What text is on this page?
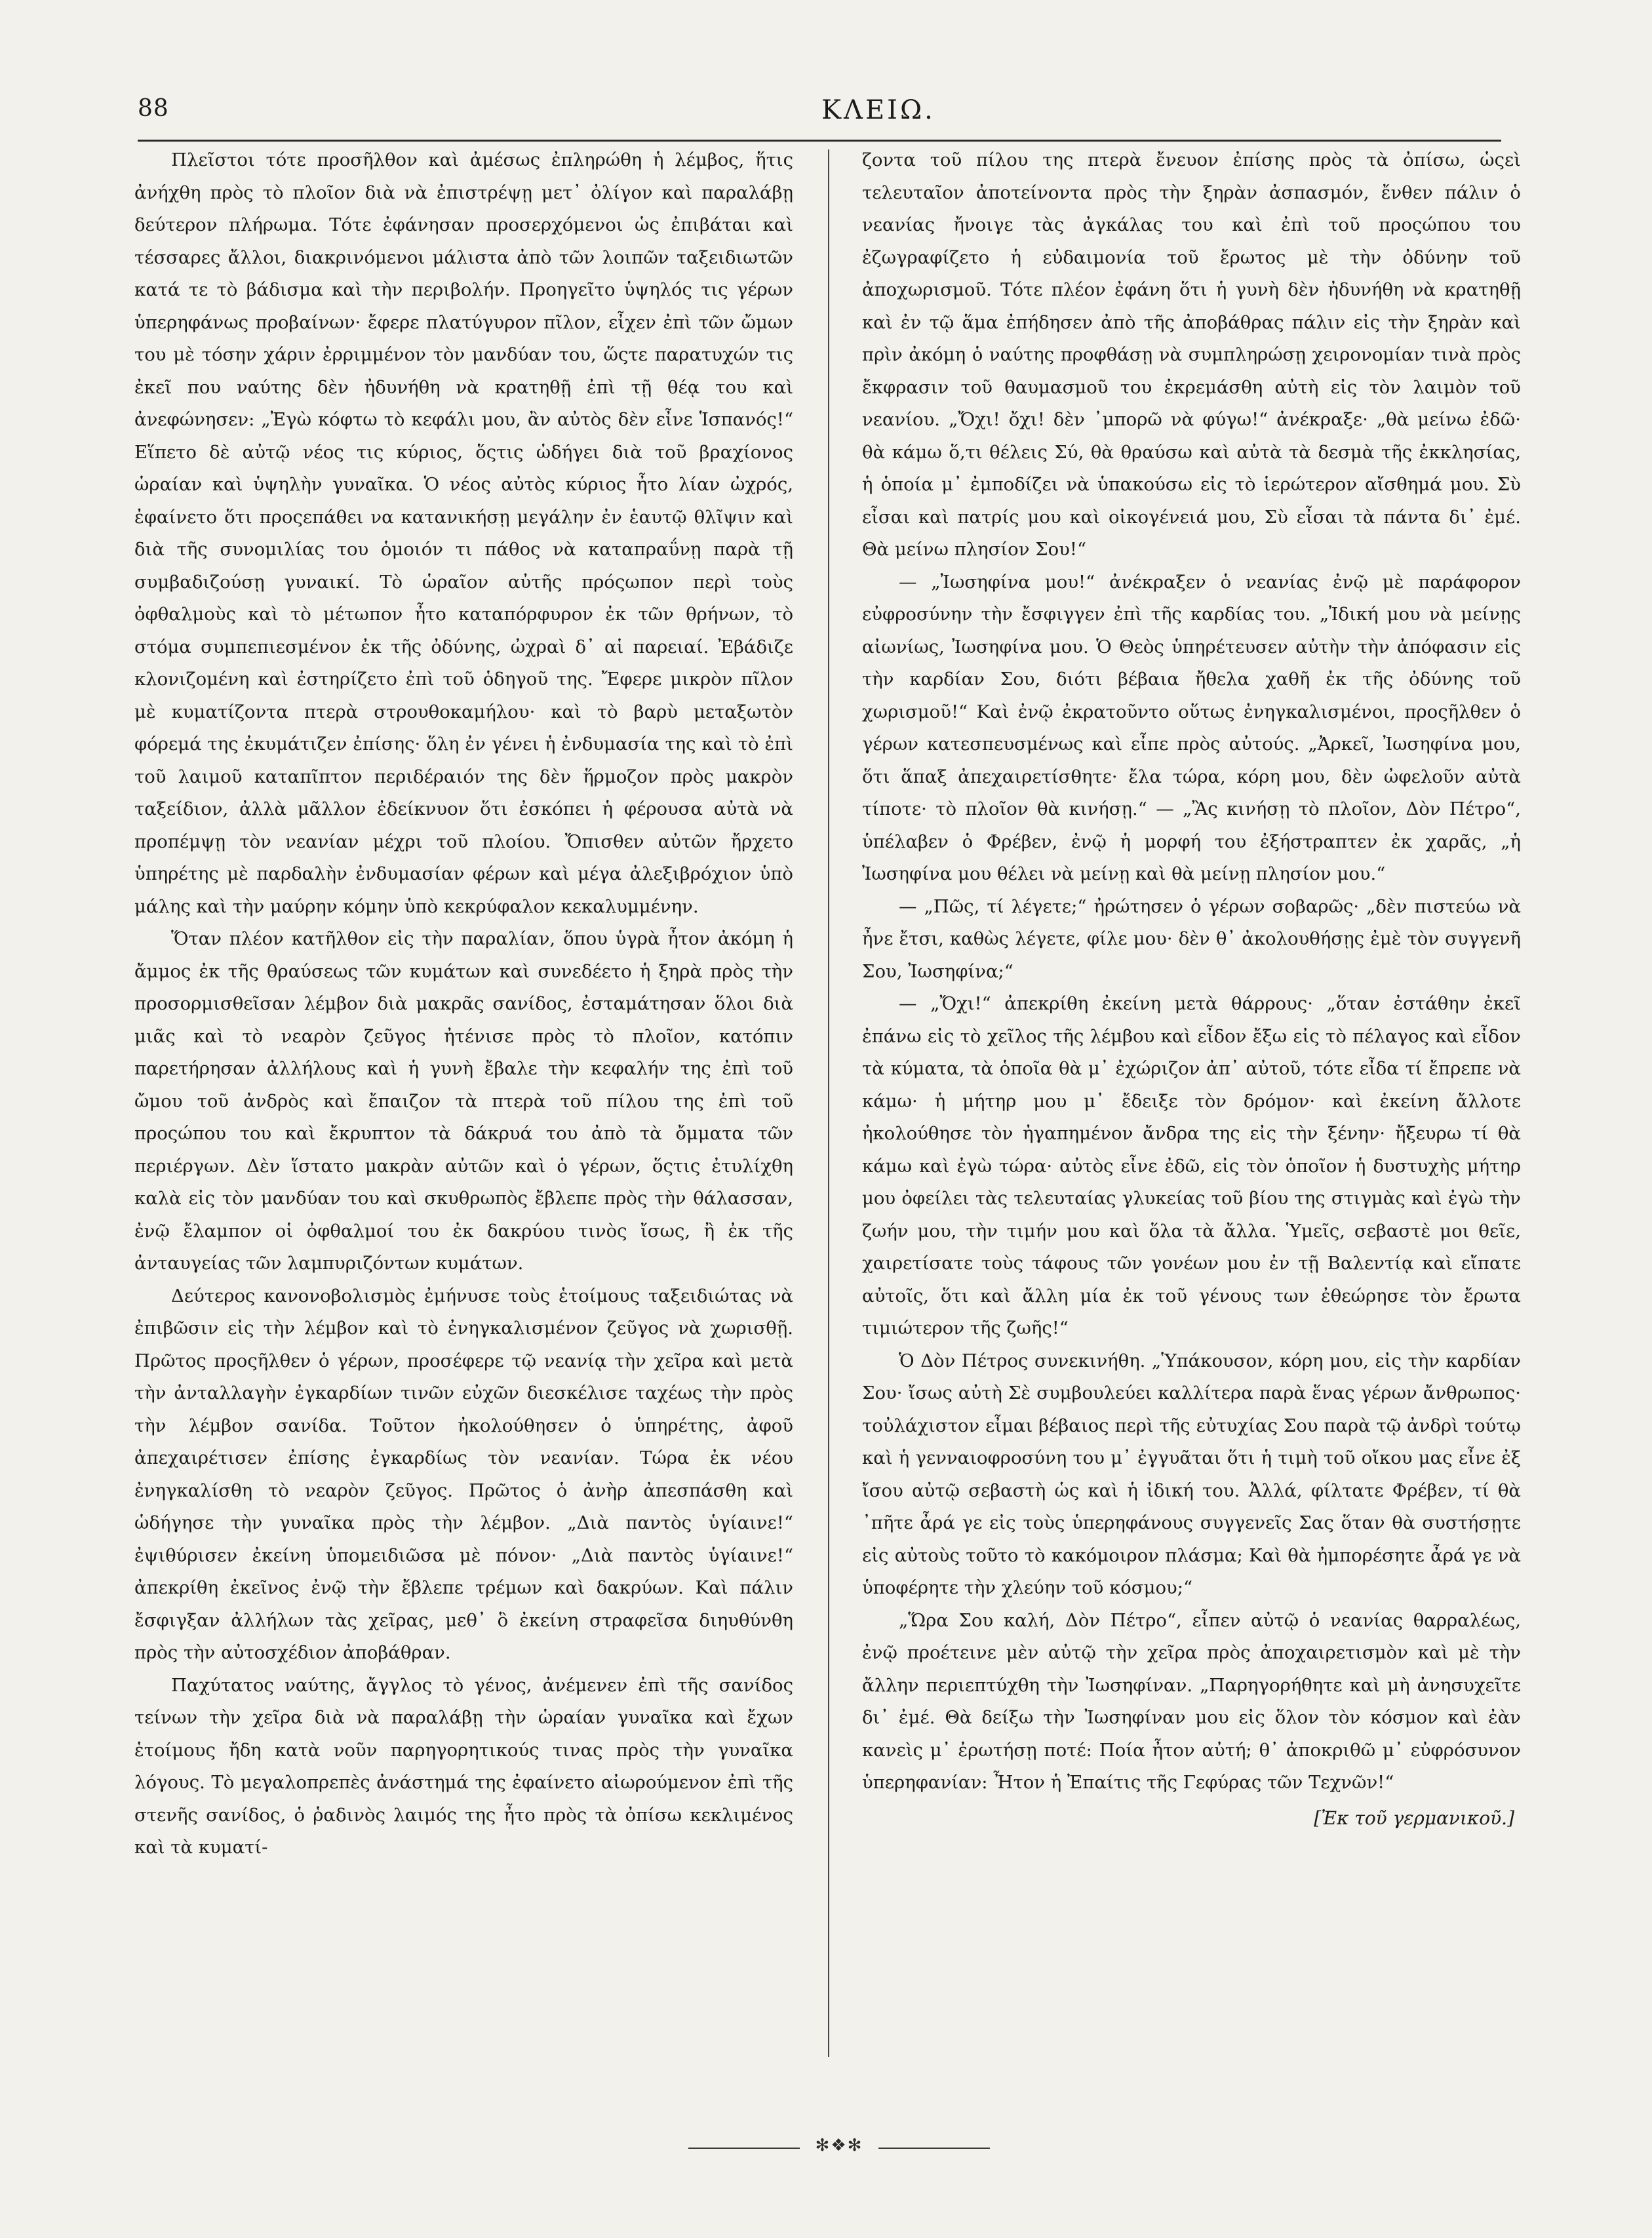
88	ΚΛΕΙΩ.

Πλεῖστοι τότε προσῆλθον καὶ ἀμέσως ἐπληρώθη ἡ λέμβος, ἥτις ἀνήχθη πρὸς τὸ πλοῖον διὰ νὰ ἐπιστρέψῃ μετ᾽ ὀλίγον καὶ παραλάβῃ δεύτερον πλήρωμα. Τότε ἐφάνησαν προσερχόμενοι ὡς ἐπιβάται καὶ τέσσαρες ἄλλοι, διακρινόμενοι μάλιστα ἀπὸ τῶν λοιπῶν ταξειδιωτῶν κατά τε τὸ βάδισμα καὶ τὴν περιβολήν. Προηγεῖτο ὑψηλός τις γέρων ὑπερηφάνως προβαίνων· ἔφερε πλατύγυρον πῖλον, εἶχεν ἐπὶ τῶν ὤμων του μὲ τόσην χάριν ἐρριμμένον τὸν μανδύαν του, ὥςτε παρατυχών τις ἐκεῖ που ναύτης δὲν ἠδυνήθη νὰ κρατηθῇ ἐπὶ τῇ θέᾳ του καὶ ἀνεφώνησεν: „Ἐγὼ κόφτω τὸ κεφάλι μου, ἂν αὐτὸς δὲν εἶνε Ἱσπανός!“ Εἵπετο δὲ αὐτῷ νέος τις κύριος, ὅςτις ὡδήγει διὰ τοῦ βραχίονος ὡραίαν καὶ ὑψηλὴν γυναῖκα. Ὁ νέος αὐτὸς κύριος ἦτο λίαν ὠχρός, ἐφαίνετο ὅτι προςεπάθει να κατανικήσῃ μεγάλην ἐν ἑαυτῷ θλῖψιν καὶ διὰ τῆς συνομιλίας του ὁμοιόν τι πάθος νὰ καταπραΰνῃ παρὰ τῇ συμβαδιζούσῃ γυναικί. Τὸ ὡραῖον αὐτῆς πρόςωπον περὶ τοὺς ὀφθαλμοὺς καὶ τὸ μέτωπον ἦτο καταπόρφυρον ἐκ τῶν θρήνων, τὸ στόμα συμπεπιεσμένον ἐκ τῆς ὀδύνης, ὠχραὶ δ᾽ αἱ παρειαί. Ἐβάδιζε κλονιζομένη καὶ ἐστηρίζετο ἐπὶ τοῦ ὁδηγοῦ της. Ἔφερε μικρὸν πῖλον μὲ κυματίζοντα πτερὰ στρουθοκαμήλου· καὶ τὸ βαρὺ μεταξωτὸν φόρεμά της ἐκυμάτιζεν ἐπίσης· ὅλη ἐν γένει ἡ ἐνδυμασία της καὶ τὸ ἐπὶ τοῦ λαιμοῦ καταπῖπτον περιδέραιόν της δὲν ἥρμοζον πρὸς μακρὸν ταξείδιον, ἀλλὰ μᾶλλον ἐδείκνυον ὅτι ἐσκόπει ἡ φέρουσα αὐτὰ νὰ προπέμψῃ τὸν νεανίαν μέχρι τοῦ πλοίου. Ὄπισθεν αὐτῶν ἤρχετο ὑπηρέτης μὲ παρδαλὴν ἐνδυμασίαν φέρων καὶ μέγα ἀλεξιβρόχιον ὑπὸ μάλης καὶ τὴν μαύρην κόμην ὑπὸ κεκρύφαλον κεκαλυμμένην.

Ὅταν πλέον κατῆλθον εἰς τὴν παραλίαν, ὅπου ὑγρὰ ἦτον ἀκόμη ἡ ἄμμος ἐκ τῆς θραύσεως τῶν κυμάτων καὶ συνεδέετο ἡ ξηρὰ πρὸς τὴν προσορμισθεῖσαν λέμβον διὰ μακρᾶς σανίδος, ἐσταμάτησαν ὅλοι διὰ μιᾶς καὶ τὸ νεαρὸν ζεῦγος ἠτένισε πρὸς τὸ πλοῖον, κατόπιν παρετήρησαν ἀλλήλους καὶ ἡ γυνὴ ἔβαλε τὴν κεφαλήν της ἐπὶ τοῦ ὤμου τοῦ ἀνδρὸς καὶ ἔπαιζον τὰ πτερὰ τοῦ πίλου της ἐπὶ τοῦ προςώπου του καὶ ἔκρυπτον τὰ δάκρυά του ἀπὸ τὰ ὄμματα τῶν περιέργων. Δὲν ἵστατο μακρὰν αὐτῶν καὶ ὁ γέρων, ὅςτις ἐτυλίχθη καλὰ εἰς τὸν μανδύαν του καὶ σκυθρωπὸς ἔβλεπε πρὸς τὴν θάλασσαν, ἐνῷ ἔλαμπον οἱ ὀφθαλμοί του ἐκ δακρύου τινὸς ἴσως, ἢ ἐκ τῆς ἀνταυγείας τῶν λαμπυριζόντων κυμάτων.

Δεύτερος κανονοβολισμὸς ἐμήνυσε τοὺς ἑτοίμους ταξειδιώτας νὰ ἐπιβῶσιν εἰς τὴν λέμβον καὶ τὸ ἐνηγκαλισμένον ζεῦγος νὰ χωρισθῇ. Πρῶτος προςῆλθεν ὁ γέρων, προσέφερε τῷ νεανίᾳ τὴν χεῖρα καὶ μετὰ τὴν ἀνταλλαγὴν ἐγκαρδίων τινῶν εὐχῶν διεσκέλισε ταχέως τὴν πρὸς τὴν λέμβον σανίδα. Τοῦτον ἠκολούθησεν ὁ ὑπηρέτης, ἀφοῦ ἀπεχαιρέτισεν ἐπίσης ἐγκαρδίως τὸν νεανίαν. Τώρα ἐκ νέου ἐνηγκαλίσθη τὸ νεαρὸν ζεῦγος. Πρῶτος ὁ ἀνὴρ ἀπεσπάσθη καὶ ὡδήγησε τὴν γυναῖκα πρὸς τὴν λέμβον. „Διὰ παντὸς ὑγίαινε!“ ἐψιθύρισεν ἐκείνη ὑπομειδιῶσα μὲ πόνον· „Διὰ παντὸς ὑγίαινε!“ ἀπεκρίθη ἐκεῖνος ἐνῷ τὴν ἔβλεπε τρέμων καὶ δακρύων. Καὶ πάλιν ἔσφιγξαν ἀλλήλων τὰς χεῖρας, μεθ᾽ ὃ ἐκείνη στραφεῖσα διηυθύνθη πρὸς τὴν αὐτοσχέδιον ἀποβάθραν.

Παχύτατος ναύτης, ἄγγλος τὸ γένος, ἀνέμενεν ἐπὶ τῆς σανίδος τείνων τὴν χεῖρα διὰ νὰ παραλάβῃ τὴν ὡραίαν γυναῖκα καὶ ἔχων ἑτοίμους ἤδη κατὰ νοῦν παρηγορητικούς τινας πρὸς τὴν γυναῖκα λόγους. Τὸ μεγαλοπρεπὲς ἀνάστημά της ἐφαίνετο αἰωρούμενον ἐπὶ τῆς στενῆς σανίδος, ὁ ῥαδινὸς λαιμός της ἦτο πρὸς τὰ ὀπίσω κεκλιμένος καὶ τὰ κυματί-

ζοντα τοῦ πίλου της πτερὰ ἔνευον ἐπίσης πρὸς τὰ ὀπίσω, ὡςεὶ τελευταῖον ἀποτείνοντα πρὸς τὴν ξηρὰν ἀσπασμόν, ἔνθεν πάλιν ὁ νεανίας ἤνοιγε τὰς ἀγκάλας του καὶ ἐπὶ τοῦ προςώπου του ἐζωγραφίζετο ἡ εὐδαιμονία τοῦ ἔρωτος μὲ τὴν ὀδύνην τοῦ ἀποχωρισμοῦ. Τότε πλέον ἐφάνη ὅτι ἡ γυνὴ δὲν ἠδυνήθη νὰ κρατηθῇ καὶ ἐν τῷ ἅμα ἐπήδησεν ἀπὸ τῆς ἀποβάθρας πάλιν εἰς τὴν ξηρὰν καὶ πρὶν ἀκόμη ὁ ναύτης προφθάσῃ νὰ συμπληρώσῃ χειρονομίαν τινὰ πρὸς ἔκφρασιν τοῦ θαυμασμοῦ του ἐκρεμάσθη αὐτὴ εἰς τὸν λαιμὸν τοῦ νεανίου. „Ὄχι! ὄχι! δὲν ᾽μπορῶ νὰ φύγω!“ ἀνέκραξε· „θὰ μείνω ἐδῶ· θὰ κάμω ὅ,τι θέλεις Σύ, θὰ θραύσω καὶ αὐτὰ τὰ δεσμὰ τῆς ἐκκλησίας, ἡ ὁποία μ᾽ ἐμποδίζει νὰ ὑπακούσω εἰς τὸ ἱερώτερον αἴσθημά μου. Σὺ εἶσαι καὶ πατρίς μου καὶ οἰκογένειά μου, Σὺ εἶσαι τὰ πάντα δι᾽ ἐμέ. Θὰ μείνω πλησίον Σου!“

— „Ἰωσηφίνα μου!“ ἀνέκραξεν ὁ νεανίας ἐνῷ μὲ παράφορον εὐφροσύνην τὴν ἔσφιγγεν ἐπὶ τῆς καρδίας του. „Ἰδική μου νὰ μείνῃς αἰωνίως, Ἰωσηφίνα μου. Ὁ Θεὸς ὑπηρέτευσεν αὐτὴν τὴν ἀπόφασιν εἰς τὴν καρδίαν Σου, διότι βέβαια ἤθελα χαθῆ ἐκ τῆς ὀδύνης τοῦ χωρισμοῦ!“ Καὶ ἐνῷ ἐκρατοῦντο οὕτως ἐνηγκαλισμένοι, προςῆλθεν ὁ γέρων κατεσπευσμένως καὶ εἶπε πρὸς αὐτούς. „Ἀρκεῖ, Ἰωσηφίνα μου, ὅτι ἅπαξ ἀπεχαιρετίσθητε· ἔλα τώρα, κόρη μου, δὲν ὠφελοῦν αὐτὰ τίποτε· τὸ πλοῖον θὰ κινήσῃ.“ — „Ἂς κινήσῃ τὸ πλοῖον, Δὸν Πέτρο“, ὑπέλαβεν ὁ Φρέβεν, ἐνῷ ἡ μορφή του ἐξήστραπτεν ἐκ χαρᾶς, „ἡ Ἰωσηφίνα μου θέλει νὰ μείνῃ καὶ θὰ μείνῃ πλησίον μου.“

— „Πῶς, τί λέγετε;“ ἠρώτησεν ὁ γέρων σοβαρῶς· „δὲν πιστεύω νὰ ἦνε ἔτσι, καθὼς λέγετε, φίλε μου· δὲν θ᾽ ἀκολουθήσῃς ἐμὲ τὸν συγγενῆ Σου, Ἰωσηφίνα;“

— „Ὄχι!“ ἀπεκρίθη ἐκείνη μετὰ θάρρους· „ὅταν ἐστάθην ἐκεῖ ἐπάνω εἰς τὸ χεῖλος τῆς λέμβου καὶ εἶδον ἔξω εἰς τὸ πέλαγος καὶ εἶδον τὰ κύματα, τὰ ὁποῖα θὰ μ᾽ ἐχώριζον ἀπ᾽ αὐτοῦ, τότε εἶδα τί ἔπρεπε νὰ κάμω· ἡ μήτηρ μου μ᾽ ἔδειξε τὸν δρόμον· καὶ ἐκείνη ἄλλοτε ἠκολούθησε τὸν ἠγαπημένον ἄνδρα της εἰς τὴν ξένην· ἤξευρω τί θὰ κάμω καὶ ἐγὼ τώρα· αὐτὸς εἶνε ἐδῶ, εἰς τὸν ὁποῖον ἡ δυστυχὴς μήτηρ μου ὀφείλει τὰς τελευταίας γλυκείας τοῦ βίου της στιγμὰς καὶ ἐγὼ τὴν ζωήν μου, τὴν τιμήν μου καὶ ὅλα τὰ ἄλλα. Ὑμεῖς, σεβαστὲ μοι θεῖε, χαιρετίσατε τοὺς τάφους τῶν γονέων μου ἐν τῇ Βαλεντίᾳ καὶ εἴπατε αὐτοῖς, ὅτι καὶ ἄλλη μία ἐκ τοῦ γένους των ἐθεώρησε τὸν ἔρωτα τιμιώτερον τῆς ζωῆς!“

Ὁ Δὸν Πέτρος συνεκινήθη. „Ὑπάκουσον, κόρη μου, εἰς τὴν καρδίαν Σου· ἴσως αὐτὴ Σὲ συμβουλεύει καλλίτερα παρὰ ἕνας γέρων ἄνθρωπος· τοὐλάχιστον εἶμαι βέβαιος περὶ τῆς εὐτυχίας Σου παρὰ τῷ ἀνδρὶ τούτῳ καὶ ἡ γενναιοφροσύνη του μ᾽ ἐγγυᾶται ὅτι ἡ τιμὴ τοῦ οἴκου μας εἶνε ἐξ ἴσου αὐτῷ σεβαστὴ ὡς καὶ ἡ ἰδική του. Ἀλλά, φίλτατε Φρέβεν, τί θὰ ᾽πῆτε ἆρά γε εἰς τοὺς ὑπερηφάνους συγγενεῖς Σας ὅταν θὰ συστήσῃτε εἰς αὐτοὺς τοῦτο τὸ κακόμοιρον πλάσμα; Καὶ θὰ ἠμπορέσητε ἆρά γε νὰ ὑποφέρητε τὴν χλεύην τοῦ κόσμου;“

„Ὥρα Σου καλή, Δὸν Πέτρο“, εἶπεν αὐτῷ ὁ νεανίας θαρραλέως, ἐνῷ προέτεινε μὲν αὐτῷ τὴν χεῖρα πρὸς ἀποχαιρετισμὸν καὶ μὲ τὴν ἄλλην περιεπτύχθη τὴν Ἰωσηφίναν. „Παρηγορήθητε καὶ μὴ ἀνησυχεῖτε δι᾽ ἐμέ. Θὰ δείξω τὴν Ἰωσηφίναν μου εἰς ὅλον τὸν κόσμον καὶ ἐὰν κανεὶς μ᾽ ἐρωτήσῃ ποτέ: Ποία ἦτον αὐτή; θ᾽ ἀποκριθῶ μ᾽ εὐφρόσυνον ὑπερηφανίαν: Ἦτον ἡ Ἐπαίτις τῆς Γεφύρας τῶν Τεχνῶν!“

[Ἐκ τοῦ γερμανικοῦ.]
✻❖✻
